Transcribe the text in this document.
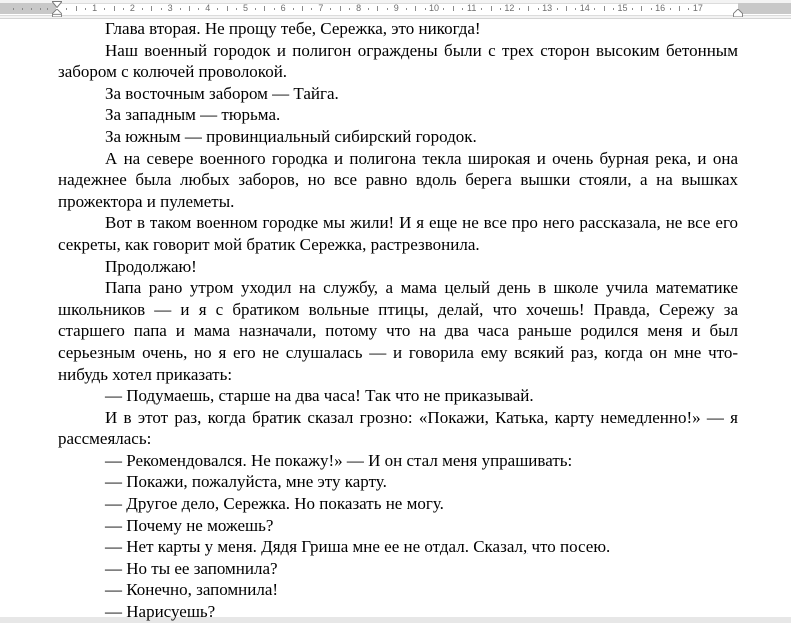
1	2	3	4	5	6	7	8	9	10	11	12	13	14	15	16	17

Глава вторая. Не прощу тебе, Сережка, это никогда!

Наш военный городок и полигон ограждены были с трех сторон высоким бетонным забором с колючей проволокой.

За восточным забором — Тайга.

За западным — тюрьма.

За южным — провинциальный сибирский городок.

А на севере военного городка и полигона текла широкая и очень бурная река, и она надежнее была любых заборов, но все равно вдоль берега вышки стояли, а на вышках прожектора и пулеметы.

Вот в таком военном городке мы жили! И я еще не все про него рассказала, не все его секреты, как говорит мой братик Сережка, растрезвонила.

Продолжаю!

Папа рано утром уходил на службу, а мама целый день в школе учила математике школьников — и я с братиком вольные птицы, делай, что хочешь! Правда, Сережу за старшего папа и мама назначали, потому что на два часа раньше родился меня и был серьезным очень, но я его не слушалась — и говорила ему всякий раз, когда он мне что-нибудь хотел приказать:

— Подумаешь, старше на два часа! Так что не приказывай.

И в этот раз, когда братик сказал грозно: «Покажи, Катька, карту немедленно!» — я рассмеялась:

— Рекомендовался. Не покажу!» — И он стал меня упрашивать:

— Покажи, пожалуйста, мне эту карту.

— Другое дело, Сережка. Но показать не могу.

— Почему не можешь?

— Нет карты у меня. Дядя Гриша мне ее не отдал. Сказал, что посею.

— Но ты ее запомнила?

— Конечно, запомнила!

— Нарисуешь?
